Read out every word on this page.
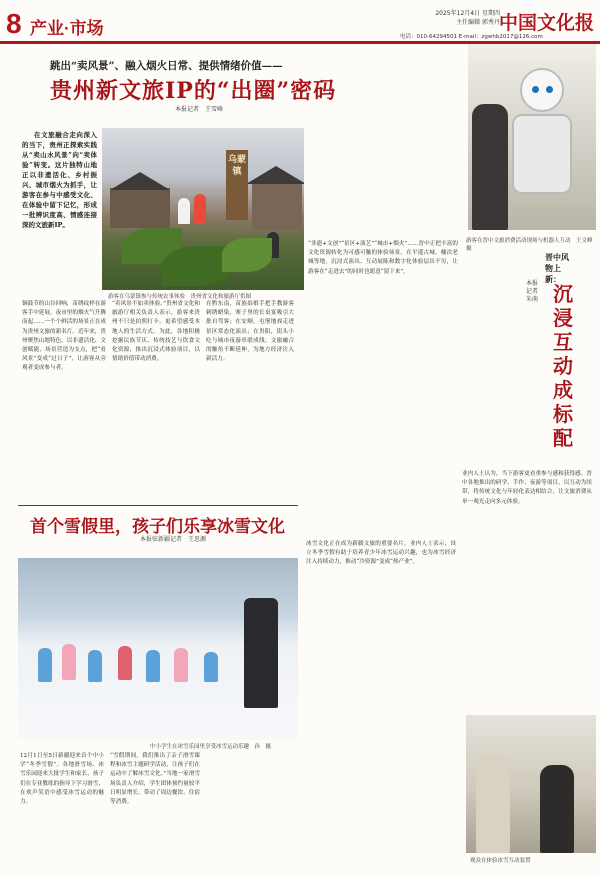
8 产业·市场
2025年12月4日 星期四
主任编辑 郭秀丹
中国文化报
电话：010-64294501 E-mail：zgwhb2017@126.com
跳出“卖风景”、融入烟火日常、提供情绪价值——
贵州新文旅IP的“出圈”密码
本报记者　王雪峰
在文旅融合走向深入的当下，贵州正探索实践从“卖山水风景”向“卖体验”转变。这片独特山地正以非遗活化、乡村振兴、城市烟火为抓手，让游客在参与中感受文化、在体验中留下记忆，形成一批辨识度高、情感连接深的文旅新IP。
乌蒙镇
游客在乌蒙镇参与传统农事体验　贵州省文化和旅游厅供图
铜鼓节的山谷回响，苗绣纹样在游客手中延展，夜市里的烟火气升腾而起……一个个鲜活的场景正在成为贵州文旅的新名片。近年来，贵州聚焦山地特色，以非遗活化、文创赋能、场景营造为支点，把“看风景”变成“过日子”，让游客从旁观者变成参与者。
“卖风景不如卖体验。”贵州省文化和旅游厅相关负责人表示，游客来贵州不只是拍照打卡，更希望感受本地人的生活方式。为此，各地积极挖掘民族节庆、传统技艺与饮食文化资源，推出沉浸式体验项目，以情绪价值带动消费。
在黔东南，苗族姑娘手把手教游客刺绣蜡染，寨子里的长桌宴吸引大批自驾客；在安顺，屯堡地戏走进景区常态化演出；在贵阳，街头小吃与城市夜游串联成线。文旅融合的触角不断延伸，为地方经济注入新活力。
游客在晋中文旅消费活动现场与机器人互动　王文峰　摄
晋中风物上新：
沉浸互动成标配
本报记者　朱萌
“非遗+文创”“景区+演艺”“城市+烟火”……晋中正把丰富的文化资源转化为可感可触的体验场景。在平遥古城、榆次老城等地，沉浸式演出、互动展陈和数字化体验层出不穷，让游客在“走进去”的同时也愿意“留下来”。
业内人士认为，当下游客更看重参与感和获得感。晋中各地推出的研学、手作、夜游等项目，以互动为纽带，将传统文化与年轻化表达相结合，让文旅消费从单一观光走向多元体验。
首个雪假里，孩子们乐享冰雪文化
本报驻新疆记者　王思源
中小学生在冰雪乐园里享受冰雪运动乐趣　孙　摄
12月1日至5日新疆迎来首个中小学“冬季雪假”。各地滑雪场、冰雪乐园迎来大批学生和家长，孩子们在专业教练的指导下学习滑雪，在欢声笑语中感受冰雪运动的魅力。
“雪假期间，我们推出了亲子滑雪课程和冰雪主题研学活动，让孩子们在运动中了解冰雪文化。”当地一家滑雪场负责人介绍，学生团体预约量较平日明显增长，带动了周边餐饮、住宿等消费。
冰雪文化正在成为新疆文旅的重要名片。业内人士表示，设立冬季雪假有助于培养青少年冰雪运动兴趣，也为冰雪经济注入持续动力，推动“冷资源”变成“热产业”。
观众在体验冰雪互动装置
